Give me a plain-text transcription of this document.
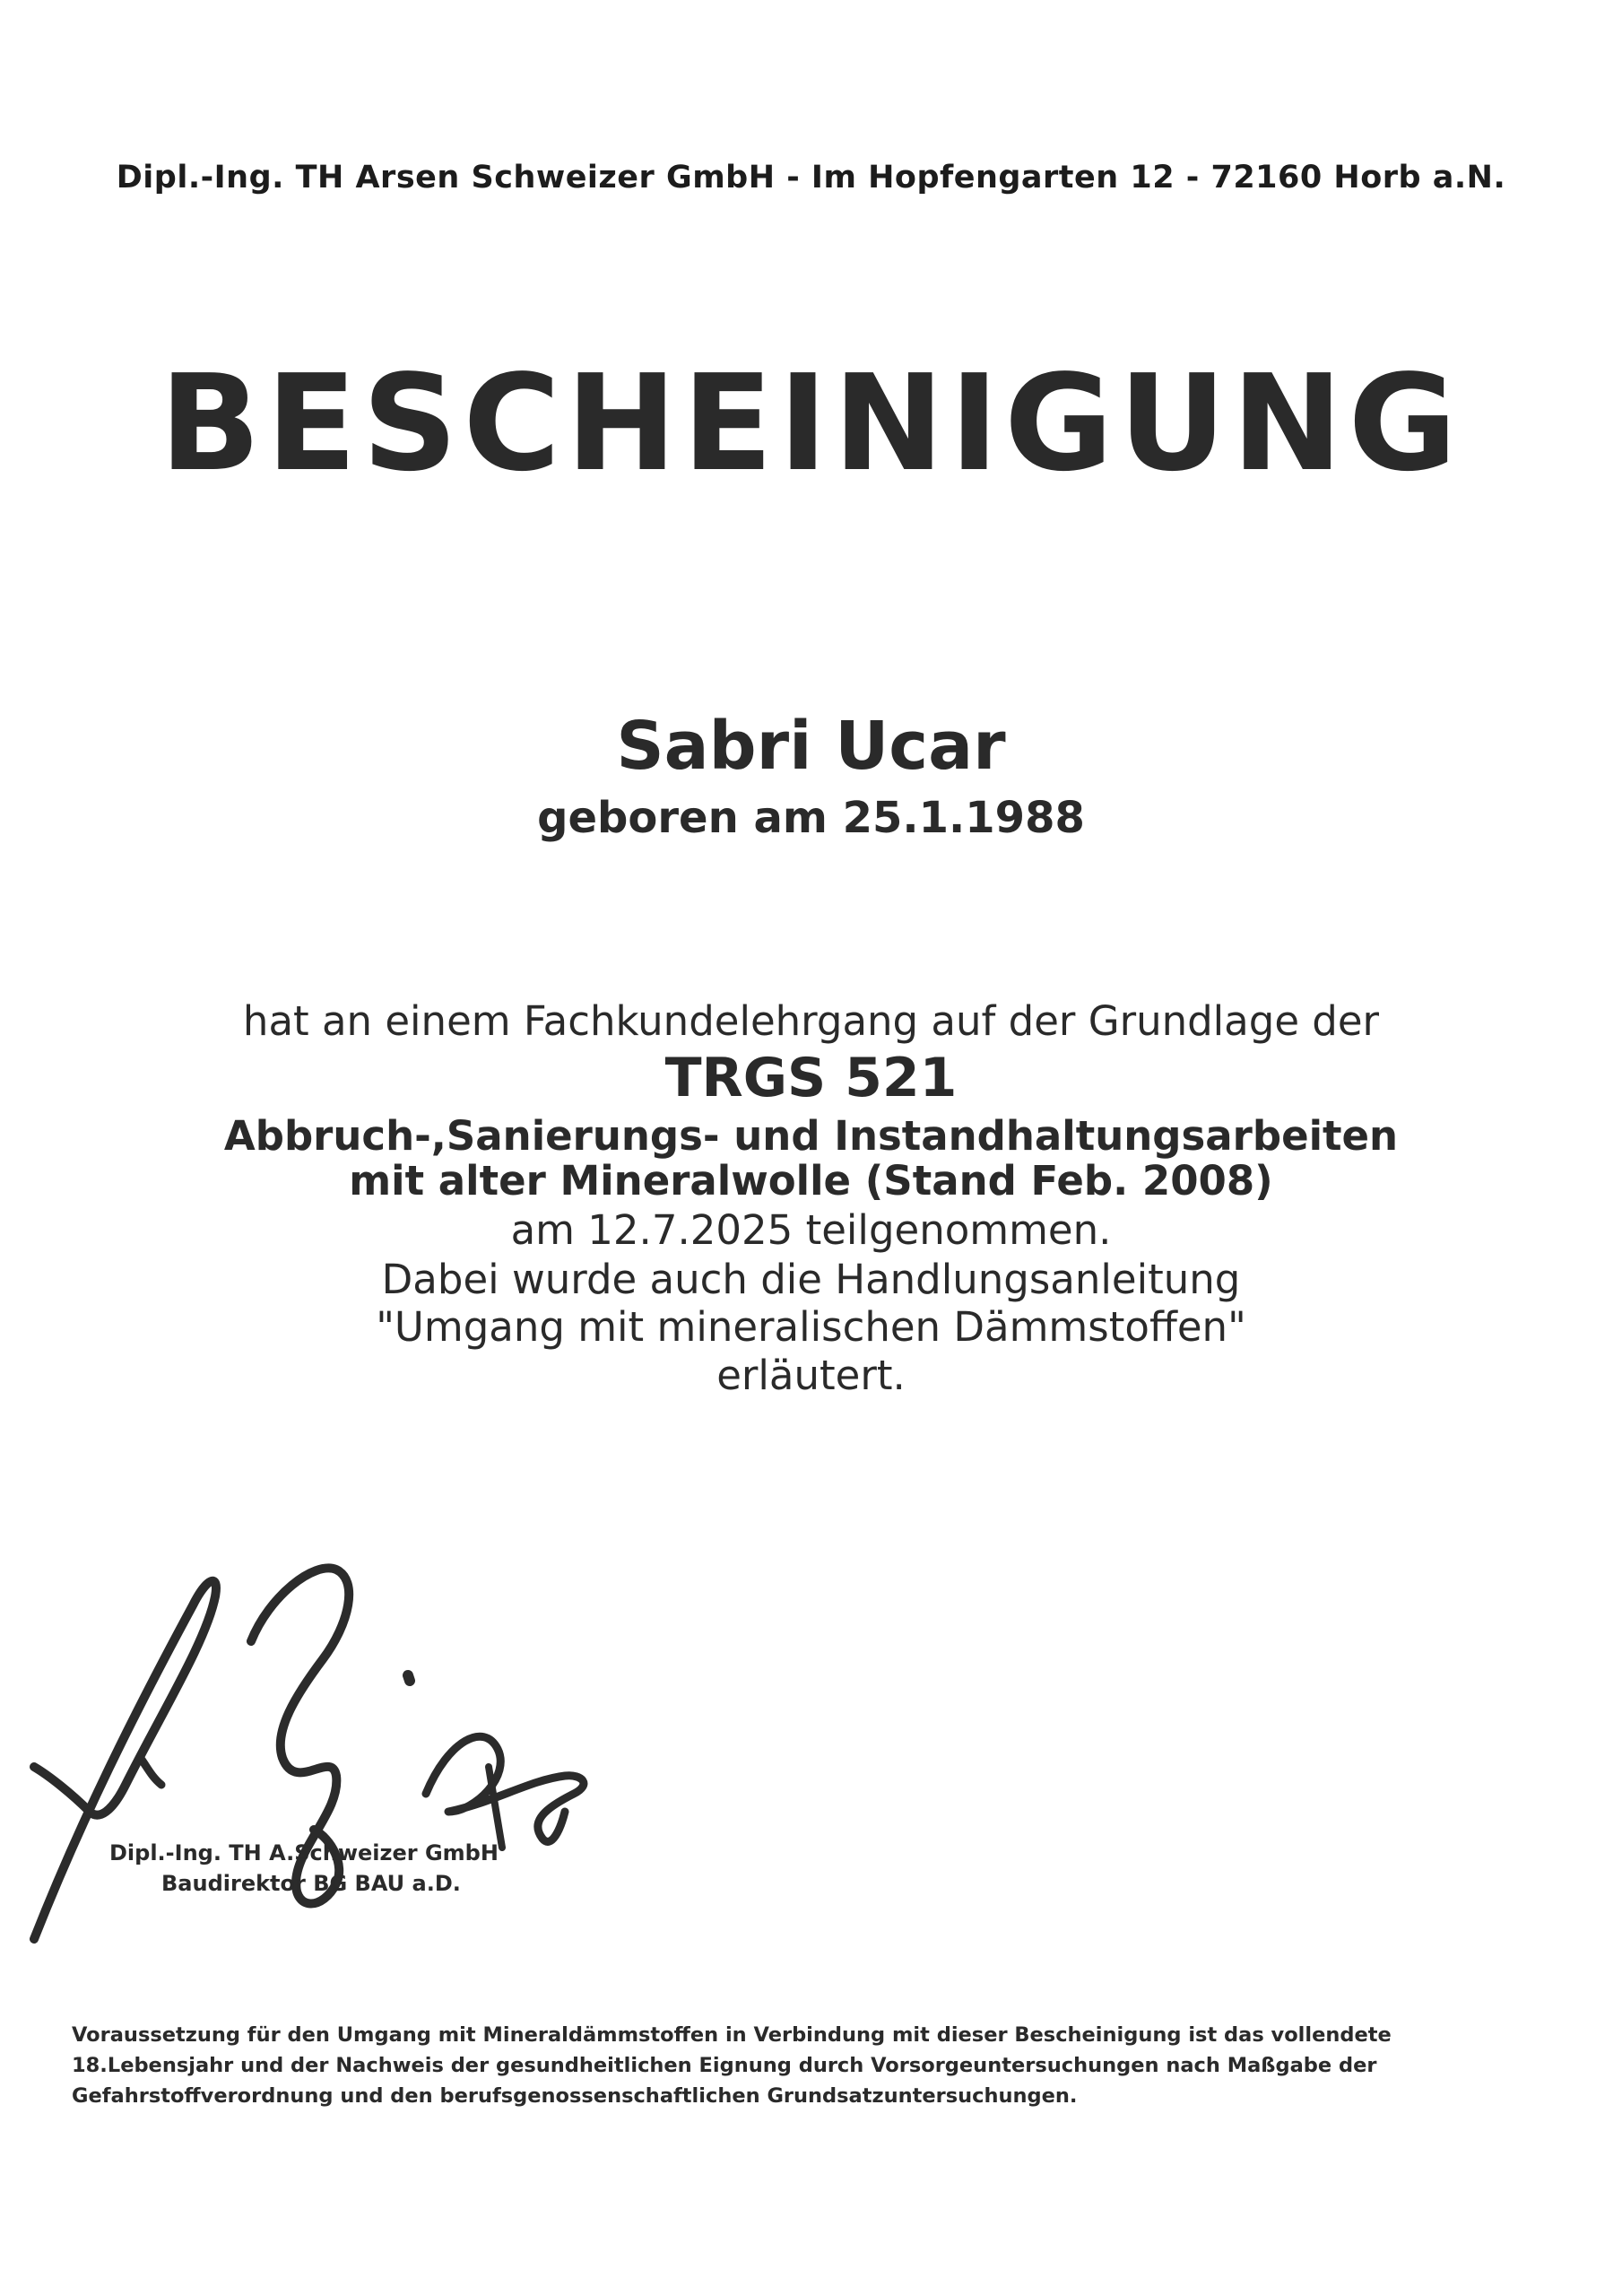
Dipl.-Ing. TH Arsen Schweizer GmbH - Im Hopfengarten 12 - 72160 Horb a.N.
BESCHEINIGUNG
Sabri Ucar
geboren am 25.1.1988
hat an einem Fachkundelehrgang auf der Grundlage der
TRGS 521
Abbruch-,Sanierungs- und Instandhaltungsarbeiten
mit alter Mineralwolle (Stand Feb. 2008)
am 12.7.2025 teilgenommen.
Dabei wurde auch die Handlungsanleitung
"Umgang mit mineralischen Dämmstoffen"
erläutert.
Dipl.-Ing. TH A.Schweizer GmbH
Baudirektor BG BAU a.D.
Voraussetzung für den Umgang mit Mineraldämmstoffen in Verbindung mit dieser Bescheinigung ist das vollendete
18.Lebensjahr und der Nachweis der gesundheitlichen Eignung durch Vorsorgeuntersuchungen nach Maßgabe der
Gefahrstoffverordnung und den berufsgenossenschaftlichen Grundsatzuntersuchungen.
